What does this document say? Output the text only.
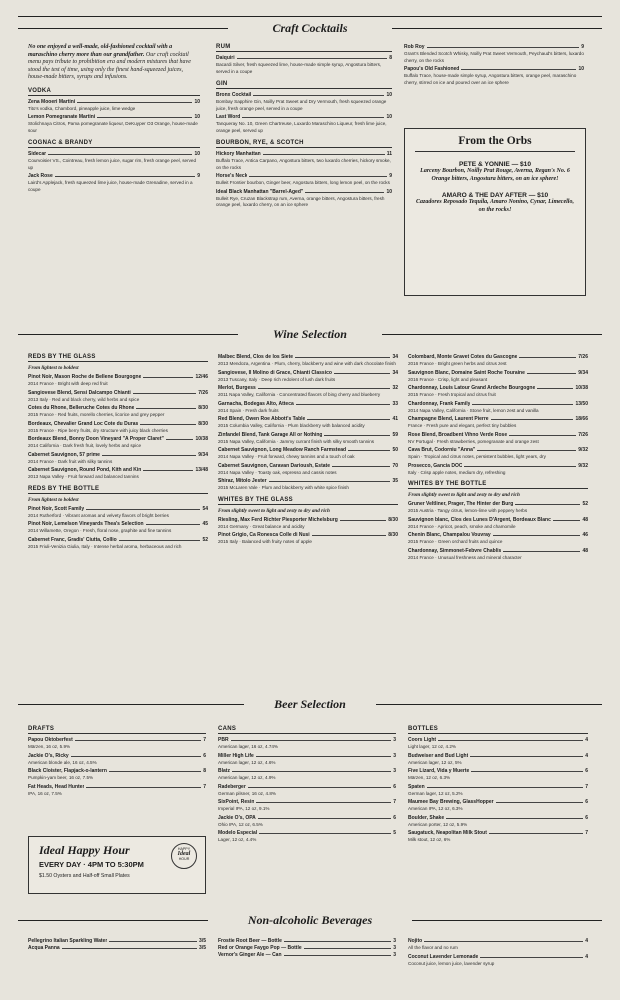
Craft Cocktails

No one enjoyed a well-made, old-fashioned cocktail with a maraschino cherry more than our grandfather. Our craft cocktail menu pays tribute to prohibition era and modern mixtures that have stood the test of time, using only the finest hand-squeezed juices, house-made bitters, syrups and infusions.

VODKA
Zena Mooeri Martini	10
Tito's vodka, Chambord, pineapple juice, lime wedge
Lemon Pomegranate Martini	10
Stolichnaya Citros, Pama pomegranate liqueur, DeKuyper O3 Orange, house-made sour
COGNAC & BRANDY
Sidecar	10
Courvoisier VS., Cointreau, fresh lemon juice, sugar rim, fresh orange peel, served up
Jack Rose	9
Laird's Applejack, fresh squeezed lime juice, house-made Grenadine, served in a coupe
RUM
Daiquiri	8
Bacardi Silver, fresh squeezed lime, house-made simple syrup, Angostura bitters, served in a coupe
GIN
Bronx Cocktail	10
Bombay Sapphire Gin, Noilly Prat Sweet and Dry Vermouth, fresh squeezed orange juice, fresh orange peel, served in a coupe
Last Word	10
Tanqueray No. 10, Green Chartreuse, Luxardo Maraschino Liqueur, fresh lime juice, orange peel, served up
BOURBON, RYE, & SCOTCH
Hickory Manhattan	11
Buffalo Trace, Antica Carpano, Angostura bitters, two luxardo cherries, hickory smoke, on the rocks
Horse's Neck	9
Bulleit Frontier bourbon, Ginger beer, Angostura bitters, long lemon peel, on the rocks
Ideal Black Manhattan "Barrel-Aged"	10
Bulleit Rye, Cruzan Blackstrap rum, Averna, orange bitters, Angostura bitters, fresh orange peel, luxardo cherry, on an ice sphere
Rob Roy	9
Grant's Blended Scotch Whisky, Noilly Prat Sweet Vermouth, Peychaud's bitters, luxardo cherry, on the rocks
Papou's Old Fashioned	10
Buffalo Trace, house-made simple syrup, Angostura bitters, orange peel, maraschino cherry, stirred on ice and poured over an ice sphere
From the Orbs
PETE & YONNIE — $10
Larceny Bourbon, Noilly Prat Rouge, Averna, Regan's No. 6 Orange bitters, Angostura bitters, on an ice sphere!
AMARO & THE DAY AFTER — $10
Cazadores Reposado Tequila, Amaro Nonino, Cynar, Limecello, on the rocks!
Wine Selection
REDS BY THE GLASS
From lightest to boldest
Pinot Noir, Mason Roche de Bellene Bourgogne	12/46
2014 France · Bright with deep red fruit
Sangiovese Blend, Sensi Dalcampo Chianti	7/26
2013 Italy · Red and black cherry, wild herbs and spice
Cotes du Rhone, Belleruche Cotes du Rhone	8/30
2015 France · Red fruits, morello cherries, licorice and grey pepper
Bordeaux, Chevalier Grand Loc Cote du Duras	8/30
2015 France · Ripe berry fruits, dry structure with juicy black cherries
Bordeaux Blend, Bonny Doon Vineyard "A Proper Claret"	10/38
2014 California · Dark fresh fruit, lovely herbs and spice
Cabernet Sauvignon, 57 prime	9/34
2014 France · Dark fruit with silky tannins
Cabernet Sauvignon, Round Pond, Kith and Kin	13/48
2013 Napa Valley · Fruit forward and balanced tannins
REDS BY THE BOTTLE
From lightest to boldest
Pinot Noir, Scott Family	54
2014 Rutherford · Vibrant aromas and velvety flavors of bright berries
Pinot Noir, Lemelson Vineyards Thea's Selection	45
2014 Willamette, Oregon · Fresh, floral nose, graphite and fine tannins
Cabernet Franc, Gradis' Ciutta, Collio	52
2015 Friuli-Venizia Giulia, Italy · Intense herbal aroma, herbaceous and rich
Malbec Blend, Clos de los Siete	34
2013 Mendoza, Argentina · Plum, cherry, blackberry and wine with dark chocolate finish
Sangiovese, Il Molino di Grace, Chianti Classico	34
2013 Tuscany, Italy · Deep rich redolent of lush dark fruits
Merlot, Burgess	32
2011 Napa Valley, California · Concentrated flavors of bing cherry and blueberry
Garnacha, Bodegas Alto, Atteca	33
2014 Spain · Fresh dark fruits
Red Blend, Owen Roe Abbott's Table	41
2015 Columbia Valley, California · Plum blackberry with balanced acidity
Zinfandel Blend, Tank Garage All or Nothing	59
2015 Napa Valley, California · Jammy currant finish with silky smooth tannins
Cabernet Sauvignon, Long Meadow Ranch Farmstead	50
2014 Napa Valley · Fruit forward, chewy tannins and a touch of oak
Cabernet Sauvignon, Caravan Darioush, Estate	70
2014 Napa Valley · Toasty oak, espresso and cassis notes
Shiraz, Mitolo Jester	35
2015 McLaren Vale · Plum and blackberry with white spice finish
WHITES BY THE GLASS
From slightly sweet to light and zesty to dry and rich
Riesling, Max Ferd Richter Piesporter Michelsburg	8/30
2014 Germany · Great balance and acidity
Pinot Grigio, Ca Ronesca Colle di Nusi	8/30
2015 Italy · Balanced with fruity notes of apple
Colombard, Monte Gravet Cotes du Gascogne	7/26
2016 France · Bright green herbs and citrus zest
Sauvignon Blanc, Domaine Saint Roche Touraine	9/34
2016 France · Crisp, light and pleasant
Chardonnay, Louis Latour Grand Ardeche Bourgogne	10/38
2015 France · Fresh tropical and citrus fruit
Chardonnay, Frank Family	13/50
2014 Napa Valley, California · Stone fruit, lemon zest and vanilla
Champagne Blend, Laurent Pierre	18/66
France · Fresh pure and elegant, perfect tiny bubbles
Rose Blend, Broadbent Vihno Verde Rose	7/26
NV Portugal · Fresh strawberries, pomegranate and orange zest
Cava Brut, Codorniu "Anna"	9/32
Spain · Tropical and citrus notes, persistent bubbles, light years, dry
Prosecco, Gancia DOC	9/32
Italy · Crisp apple notes, medium dry, refreshing
WHITES BY THE BOTTLE
From slightly sweet to light and zesty to dry and rich
Gruner Veltliner, Prager, The Hinter der Burg	52
2015 Austria · Tangy citrus, lemon-lime with peppery herbs
Sauvignon blanc, Clos des Lunes D'Argent, Bordeaux Blanc	48
2014 France · Apricot, peach, smoke and chamomile
Chenin Blanc, Champalou Vouvray	46
2015 France · Green orchard fruits and quince
Chardonnay, Simmonet-Febvre Chablis	48
2014 France · Unusual freshness and mineral character
Beer Selection
DRAFTS
Papou Oktoberfest	7
Märzen, 16 oz, 5.9%
Jackie O's, Ricky	6
American blonde ale, 16 oz, 4.5%
Black Cloister, Flapjack-o-lantern	8
Pumpkin-yam beer, 16 oz, 7.5%
Fat Heads, Head Hunter	7
IPA, 16 oz, 7.5%
Ideal Happy Hour
EVERY DAY · 4PM TO 5:30PM
$1.50 Oysters and Half-off Small Plates
HAPPY
Ideal
HOUR
CANS
PBR	3
American lager, 16 oz, 4.74%
Miller High Life	3
American lager, 12 oz, 4.6%
Blatz	3
American lager, 12 oz, 4.9%
Radeberger	6
German pilsner, 16 oz, 4.8%
SixPoint, Resin	7
Imperial IPA, 12 oz, 9.1%
Jackie O's, OPA	6
Ohio IPA, 12 oz, 6.5%
Modelo Especial	5
Lager, 12 oz, 4.4%
BOTTLES
Coors Light	4
Light lager, 12 oz, 4.2%
Budweiser and Bud Light	4
American lager, 12 oz, 5%
Five Lizard, Vida y Muerte	6
Märzen, 12 oz, 6.3%
Spaten	7
German lager, 12 oz, 5.2%
Maumee Bay Brewing, GlassHopper	6
American IPA, 12 oz, 6.3%
Boulder, Shake	6
American porter, 12 oz, 5.9%
Saugatuck, Neapolitan Milk Stout	7
Milk stout, 12 oz, 6%
Non-alcoholic Beverages
Pellegrino Italian Sparkling Water	3/5
Acqua Panna	3/5
Frostie Root Beer — Bottle	3
Red or Orange Faygo Pop — Bottle	3
Vernor's Ginger Ale — Can	3
Nojito	4
All the flavor and no rum
Coconut Lavender Lemonade	4
Coconut juice, lemon juice, lavender syrup
